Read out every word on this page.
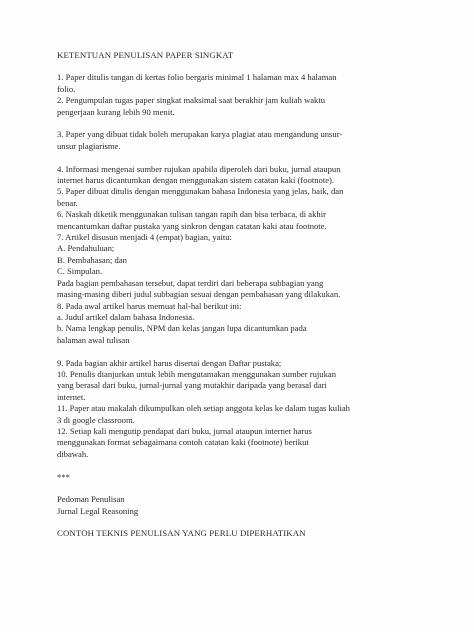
KETENTUAN PENULISAN PAPER SINGKAT
1. Paper ditulis tangan di kertas folio bergaris minimal 1 halaman max 4 halaman
folio.
2. Pengumpulan tugas paper singkat maksimal saat berakhir jam kuliah waktu
pengerjaan kurang lebih 90 menit.
3. Paper yang dibuat tidak boleh merupakan karya plagiat atau mengandung unsur-
unsur plagiarisme.
4. Informasi mengenai sumber rujukan apabila diperoleh dari buku, jurnal ataupun
internet harus dicantumkan dengan menggunakan sistem catatan kaki (footnote).
5. Paper dibuat ditulis dengan menggunakan bahasa Indonesia yang jelas, baik, dan
benar.
6. Naskah diketik menggunakan tulisan tangan rapih dan bisa terbaca, di akhir
mencantumkan daftar pustaka yang sinkron dengan catatan kaki atau footnote.
7. Artikel disusun menjadi 4 (empat) bagian, yaitu:
A. Pendahuluan;
B. Pembahasan; dan
C. Simpulan.
Pada bagian pembahasan tersebut, dapat terdiri dari beberapa subbagian yang
masing-masing diberi judul subbagian sesuai dengan pembahasan yang dilakukan.
8. Pada awal artikel harus memuat hal-hal berikut ini:
a. Judul artikel dalam bahasa Indonesia.
b. Nama lengkap penulis, NPM dan kelas jangan lupa dicantumkan pada
halaman awal tulisan
9. Pada bagian akhir artikel harus disertai dengan Daftar pustaka;
10. Penulis dianjurkan untuk lebih mengutamakan menggunakan sumber rujukan
yang berasal dari buku, jurnal-jurnal yang mutakhir daripada yang berasal dari
internet.
11. Paper atau makalah dikumpulkan oleh setiap anggota kelas ke dalam tugas kuliah
3 di google classroom.
12. Setiap kali mengutip pendapat dari buku, jurnal ataupun internet harus
menggunakan format sebagaimana contoh catatan kaki (footnote) berikut
dibawah.
***
Pedoman Penulisan
Jurnal Legal Reasoning
CONTOH TEKNIS PENULISAN YANG PERLU DIPERHATIKAN
